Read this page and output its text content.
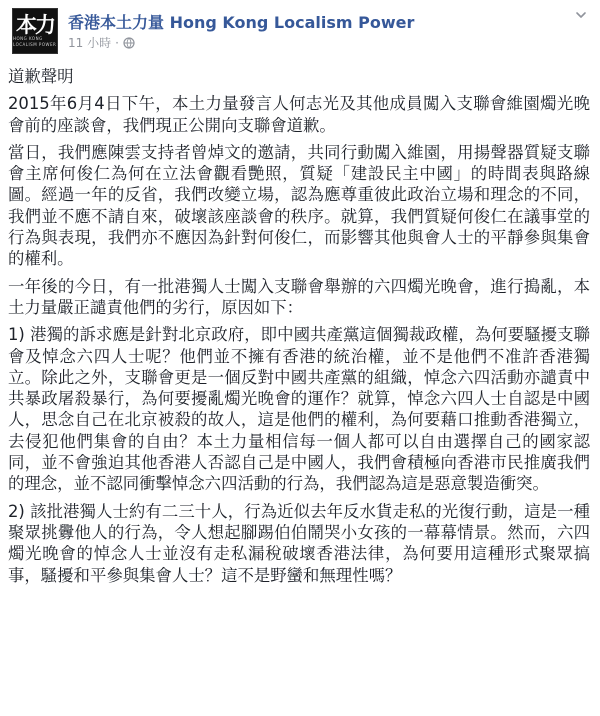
本力
HONG KONG LOCALISM POWER
香港本土力量 Hong Kong Localism Power
11 小時 ·

道歉聲明

2015年6月4日下午，本土力量發言人何志光及其他成員闖入支聯會維園燭光晚會前的座談會，我們現正公開向支聯會道歉。

當日，我們應陳雲支持者曾焯文的邀請，共同行動闖入維園，用揚聲器質疑支聯會主席何俊仁為何在立法會觀看艷照，質疑「建設民主中國」的時間表與路線圖。經過一年的反省，我們改變立場，認為應尊重彼此政治立場和理念的不同，我們並不應不請自來，破壞該座談會的秩序。就算，我們質疑何俊仁在議事堂的行為與表現，我們亦不應因為針對何俊仁，而影響其他與會人士的平靜參與集會的權利。

一年後的今日，有一批港獨人士闖入支聯會舉辦的六四燭光晚會，進行搗亂，本土力量嚴正譴責他們的劣行，原因如下：

1) 港獨的訴求應是針對北京政府，即中國共產黨這個獨裁政權，為何要騷擾支聯會及悼念六四人士呢？他們並不擁有香港的統治權，並不是他們不准許香港獨立。除此之外，支聯會更是一個反對中國共產黨的組織，悼念六四活動亦譴責中共暴政屠殺暴行，為何要擾亂燭光晚會的運作？就算，悼念六四人士自認是中國人，思念自己在北京被殺的故人，這是他們的權利，為何要藉口推動香港獨立，去侵犯他們集會的自由？本土力量相信每一個人都可以自由選擇自己的國家認同，並不會強迫其他香港人否認自己是中國人，我們會積極向香港市民推廣我們的理念，並不認同衝擊悼念六四活動的行為，我們認為這是惡意製造衝突。

2) 該批港獨人士約有二三十人，行為近似去年反水貨走私的光復行動，這是一種聚眾挑釁他人的行為，令人想起腳踢伯伯鬧哭小女孩的一幕幕情景。然而，六四燭光晚會的悼念人士並沒有走私漏稅破壞香港法律，為何要用這種形式聚眾搞事，騷擾和平參與集會人士？這不是野蠻和無理性嗎？
